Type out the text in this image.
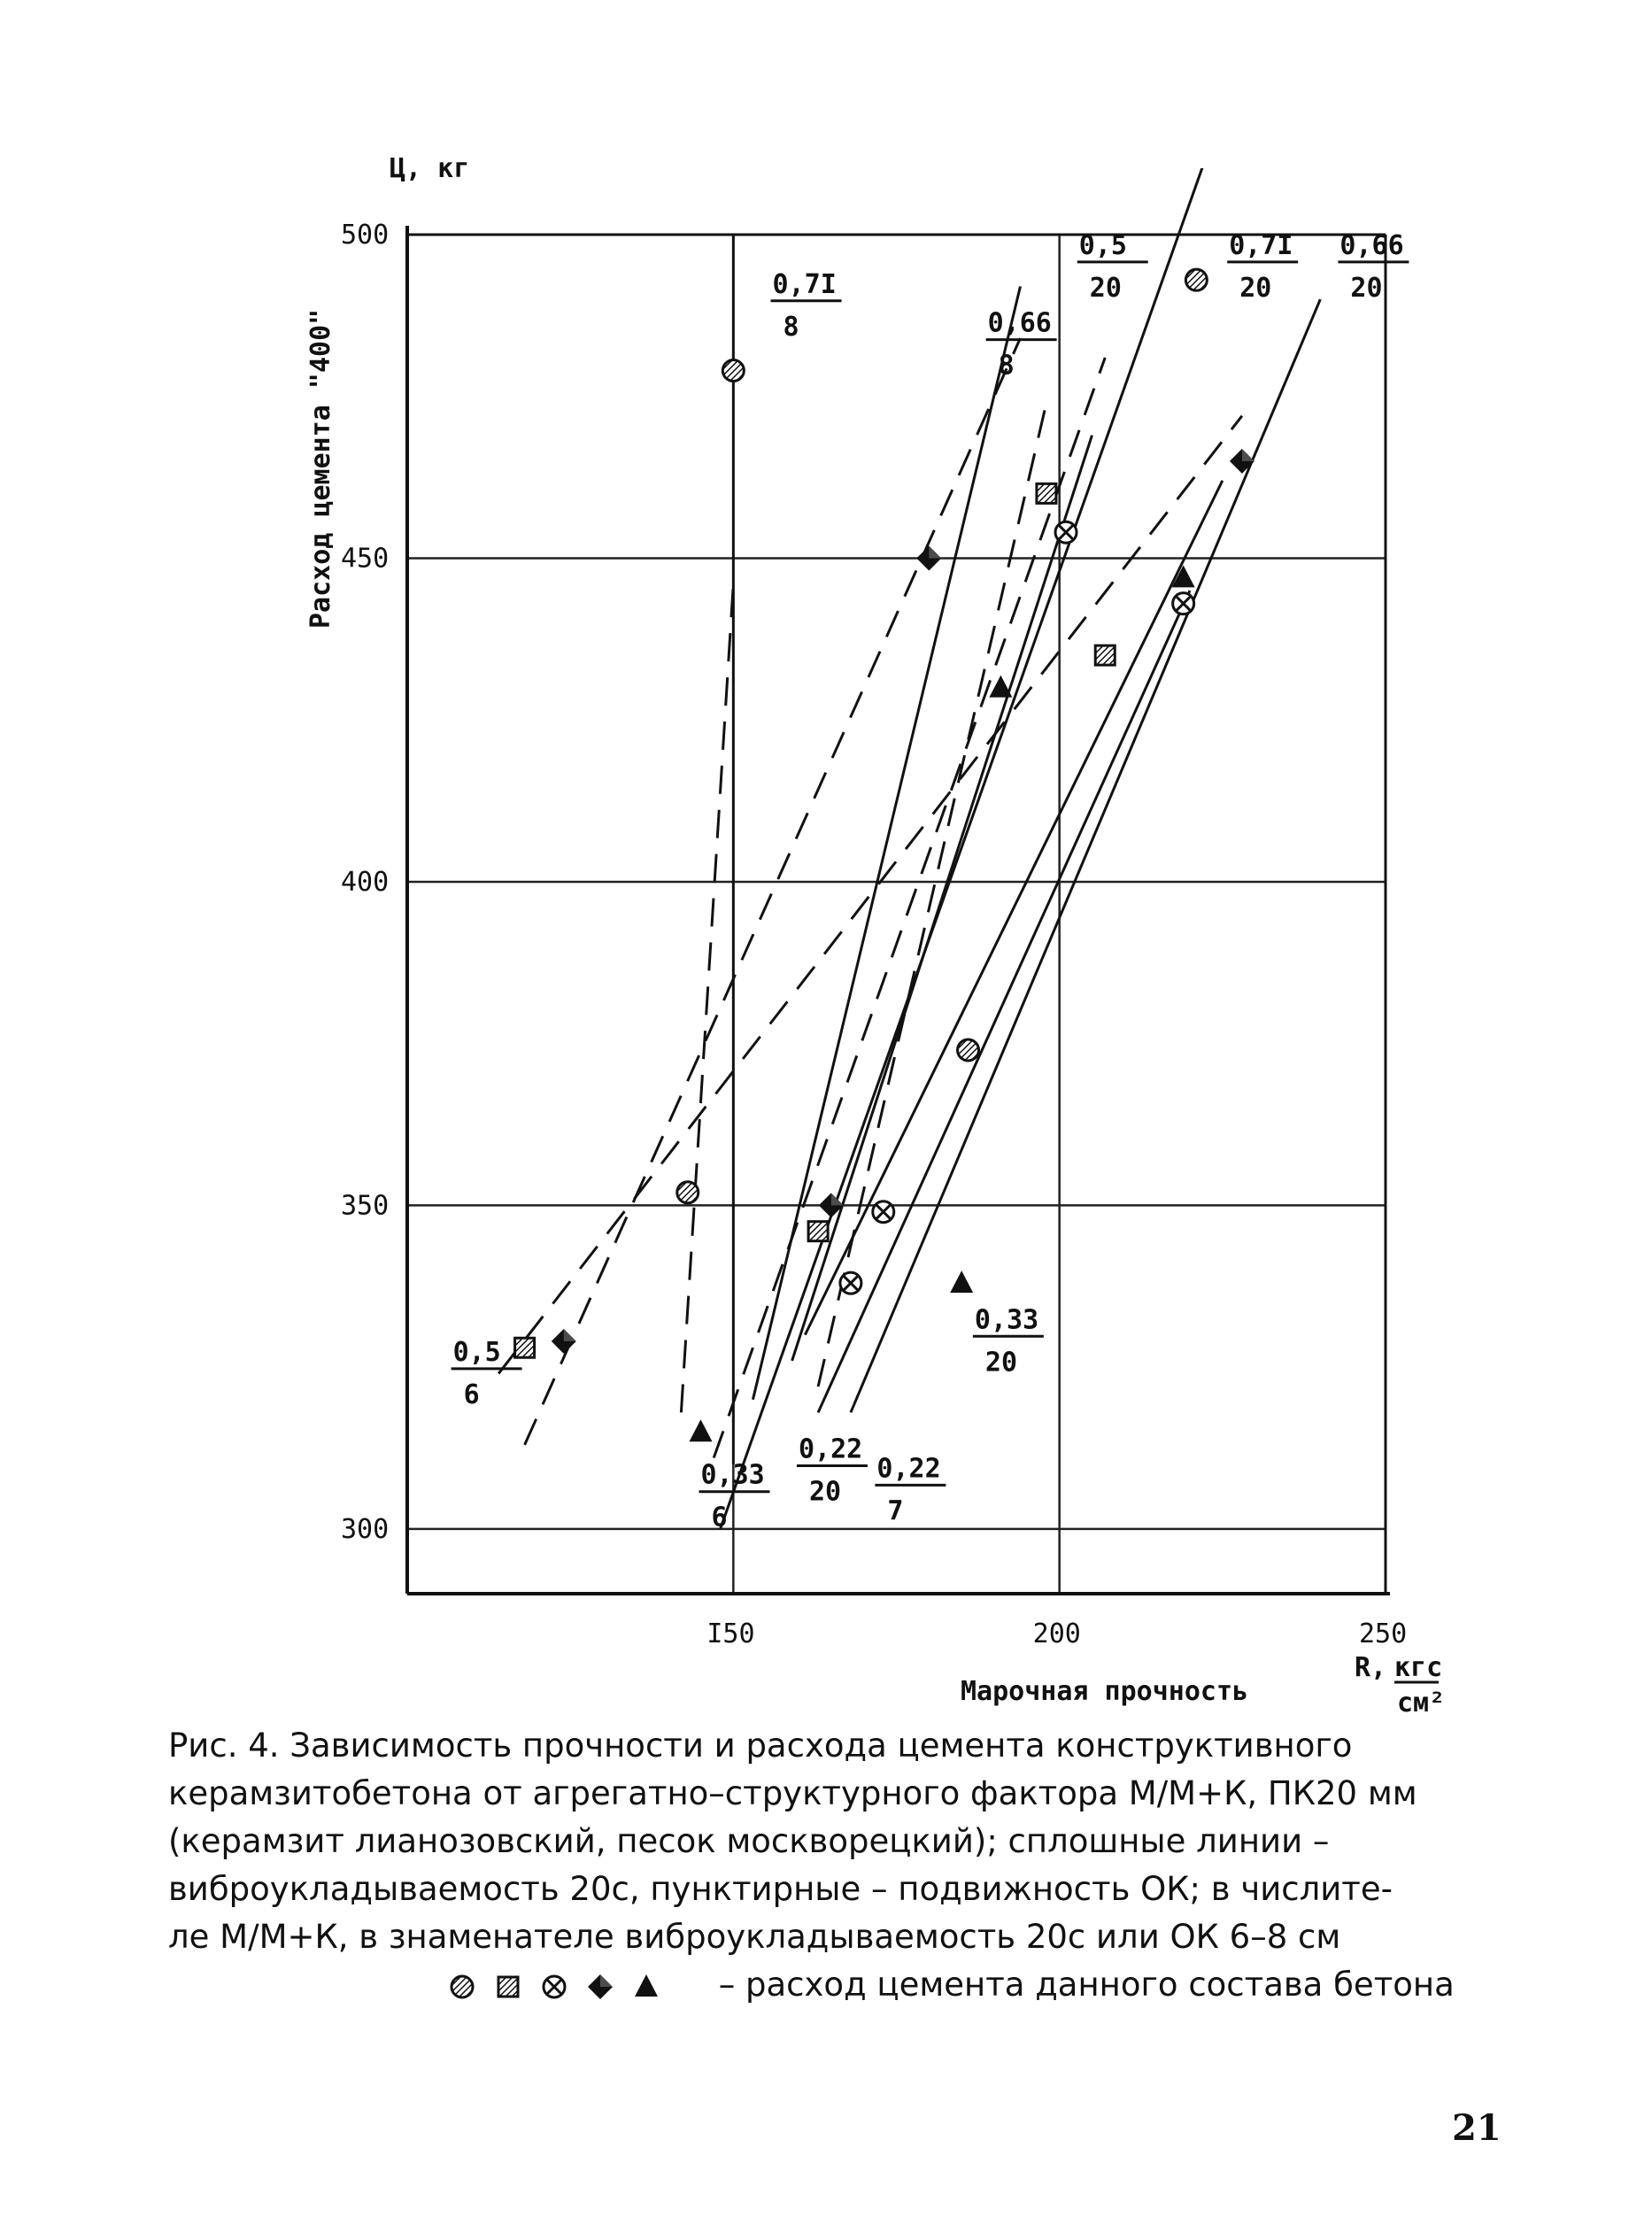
0,7I
20
0,66
20
0,5
20
0,33
20
0,22
20
0,22
7
0,7I
8	0,66
8
0,5
6
0,33
6
300
350
400
450
500
I50	200	250
Ц, кг
Расход цемента "400"
Марочная прочность
R, кгс
см²
Рис. 4. Зависимость прочности и расхода цемента конструктивного
керамзитобетона от агрегатно–структурного фактора М/М+К, ПК20 мм
(керамзит лианозовский, песок москворецкий); сплошные линии –
виброукладываемость 20с, пунктирные – подвижность ОК; в числите-
ле М/М+К, в знаменателе виброукладываемость 20с или ОК 6–8 см
– расход цемента данного состава бетона
21
